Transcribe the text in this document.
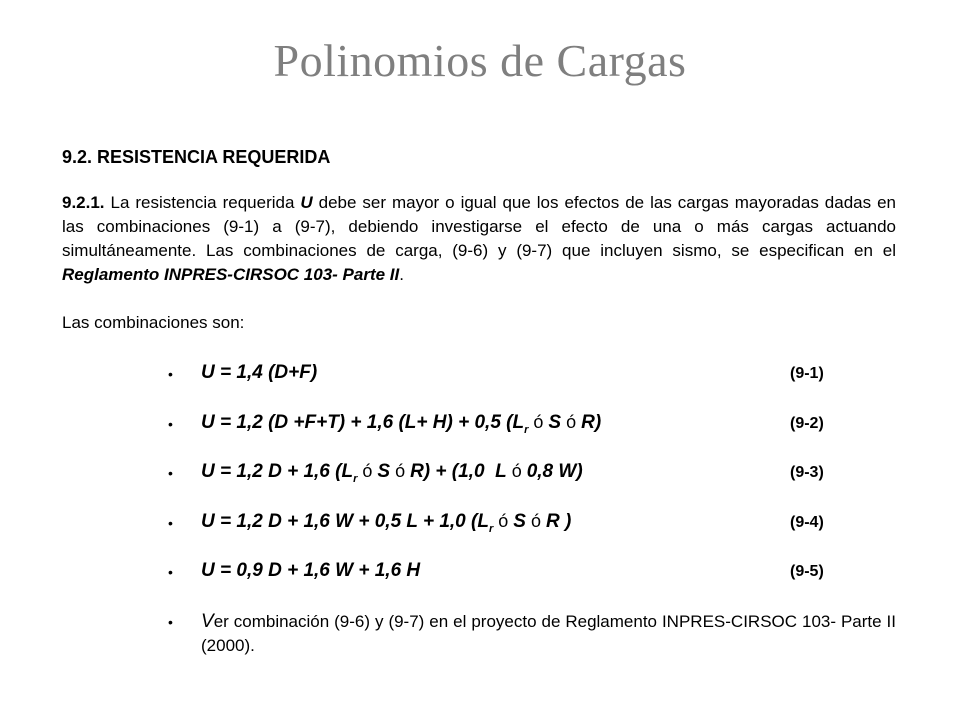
Polinomios de Cargas
9.2. RESISTENCIA REQUERIDA
9.2.1. La resistencia requerida U debe ser mayor o igual que los efectos de las cargas mayoradas dadas en las combinaciones (9-1) a (9-7), debiendo investigarse el efecto de una o más cargas actuando simultáneamente. Las combinaciones de carga, (9-6) y (9-7) que incluyen sismo, se especifican en el Reglamento INPRES-CIRSOC 103- Parte II.
Las combinaciones son:
• U = 1,4 (D+F)	(9-1)
• U = 1,2 (D +F+T) + 1,6 (L+ H) + 0,5 ($L_r$ ó S ó R)	(9-2)
• U = 1,2 D + 1,6 ($L_r$ ó S ó R) + (1,0  L ó 0,8 W)	(9-3)
• U = 1,2 D + 1,6 W + 0,5 L + 1,0 ($L_r$ ó S ó R )	(9-4)
• U = 0,9 D + 1,6 W + 1,6 H	(9-5)
• Ver combinación (9-6) y (9-7) en el proyecto de Reglamento INPRES-CIRSOC 103- Parte II (2000).
